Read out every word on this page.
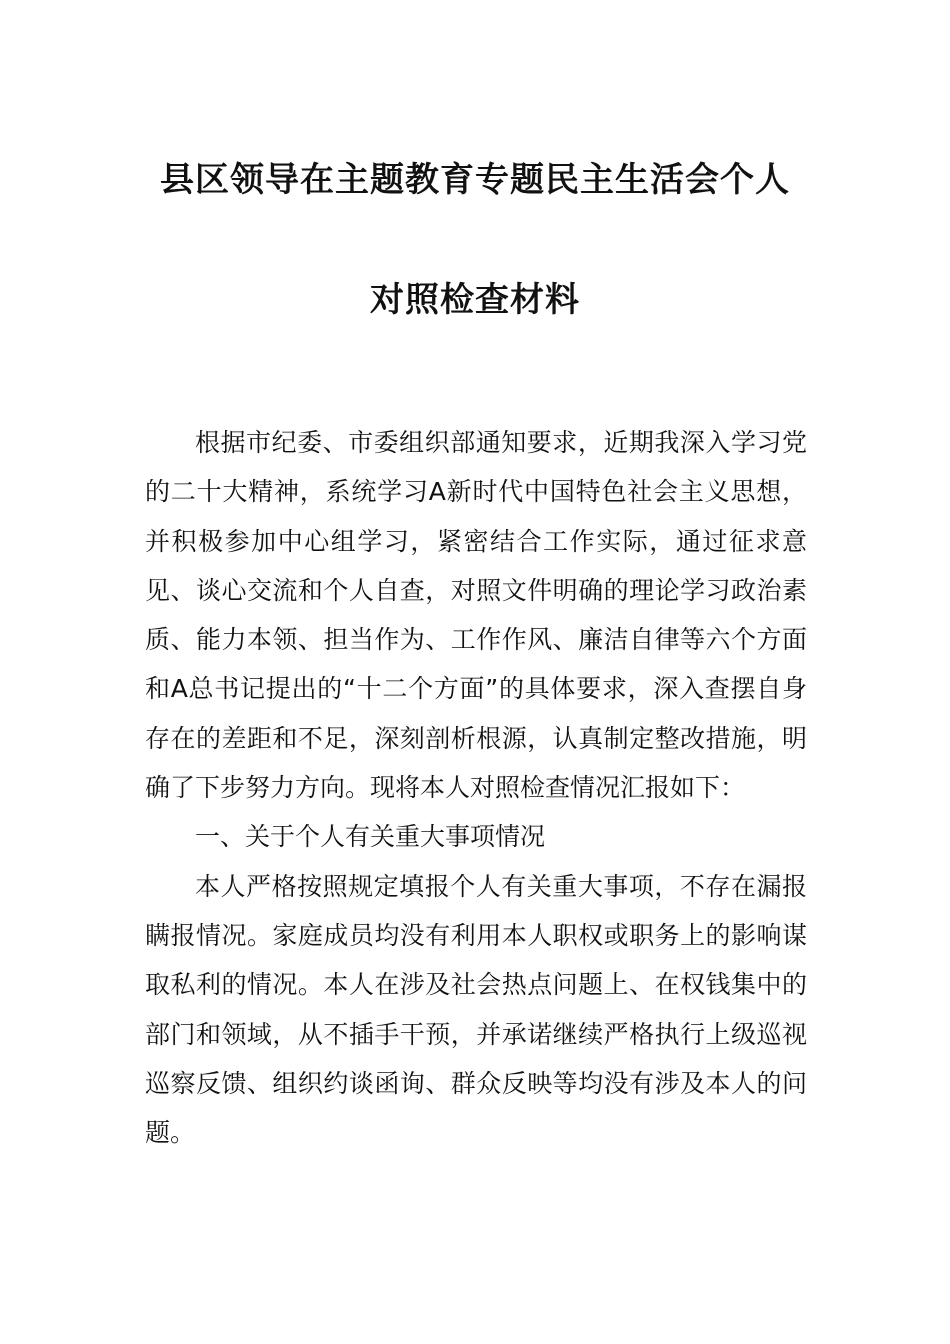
县区领导在主题教育专题民主生活会个人
对照检查材料

根据市纪委、市委组织部通知要求，近期我深入学习党的二十大精神，系统学习A新时代中国特色社会主义思想，并积极参加中心组学习，紧密结合工作实际，通过征求意见、谈心交流和个人自查，对照文件明确的理论学习政治素质、能力本领、担当作为、工作作风、廉洁自律等六个方面和A总书记提出的“十二个方面”的具体要求，深入查摆自身存在的差距和不足，深刻剖析根源，认真制定整改措施，明确了下步努力方向。现将本人对照检查情况汇报如下：

一、关于个人有关重大事项情况

本人严格按照规定填报个人有关重大事项，不存在漏报瞒报情况。家庭成员均没有利用本人职权或职务上的影响谋取私利的情况。本人在涉及社会热点问题上、在权钱集中的部门和领域，从不插手干预，并承诺继续严格执行上级巡视巡察反馈、组织约谈函询、群众反映等均没有涉及本人的问题。
